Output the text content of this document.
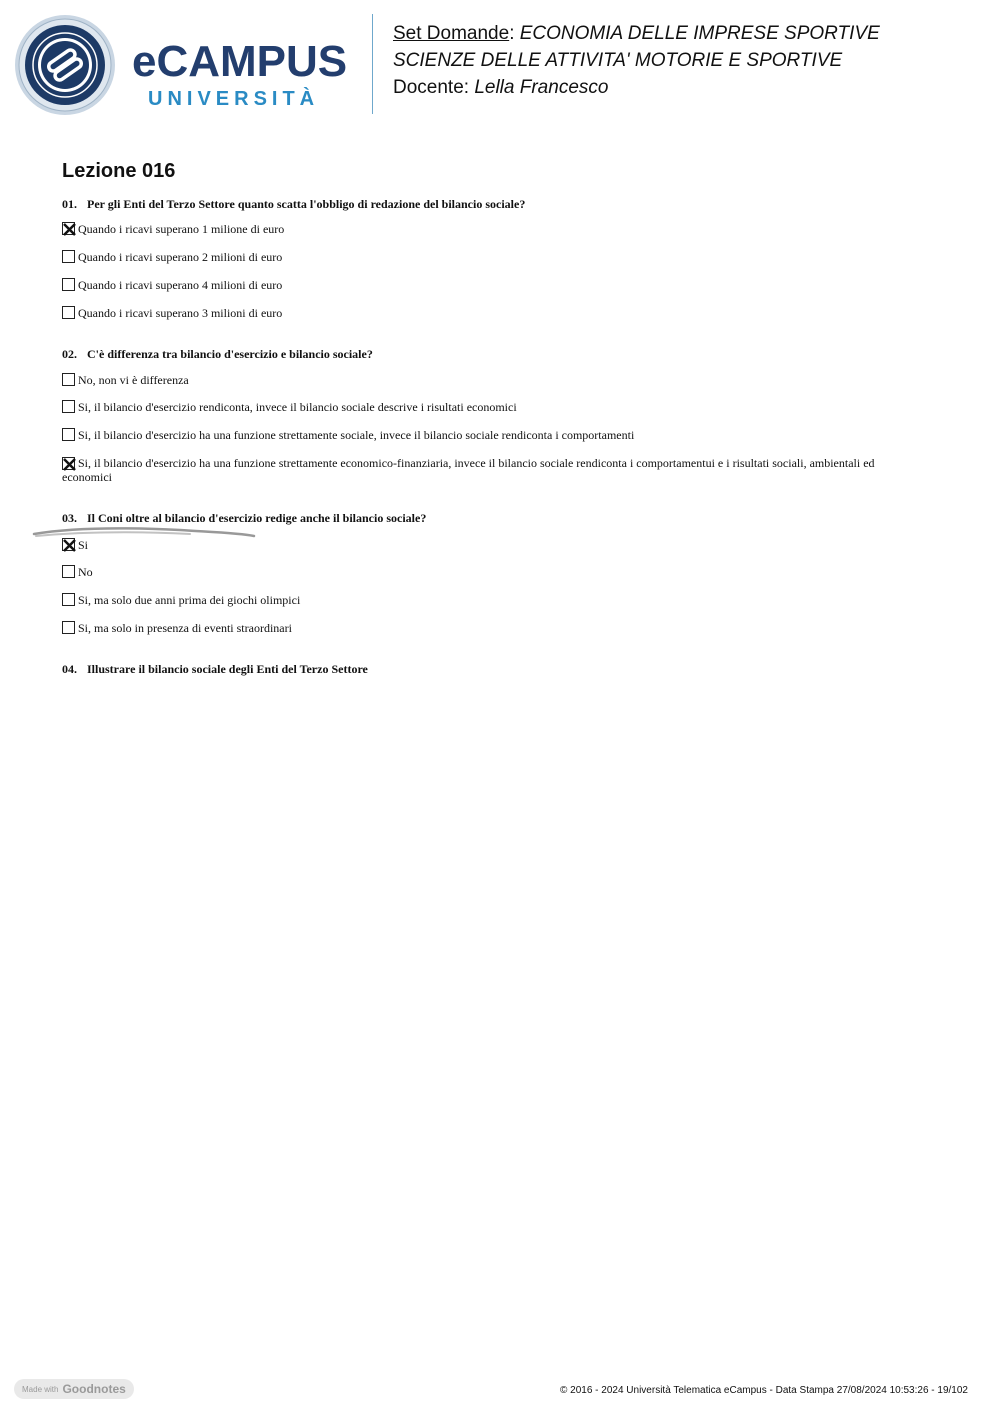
eCAMPUS
UNIVERSITÀ
Set Domande: ECONOMIA DELLE IMPRESE SPORTIVE
SCIENZE DELLE ATTIVITA' MOTORIE E SPORTIVE
Docente: Lella Francesco
Lezione 016
01. Per gli Enti del Terzo Settore quanto scatta l'obbligo di redazione del bilancio sociale?
Quando i ricavi superano 1 milione di euro
Quando i ricavi superano 2 milioni di euro
Quando i ricavi superano 4 milioni di euro
Quando i ricavi superano 3 milioni di euro
02. C'è differenza tra bilancio d'esercizio e bilancio sociale?
No, non vi è differenza
Si, il bilancio d'esercizio rendiconta, invece il bilancio sociale descrive i risultati economici
Si, il bilancio d'esercizio ha una funzione strettamente sociale, invece il bilancio sociale rendiconta i comportamenti
Si, il bilancio d'esercizio ha una funzione strettamente economico-finanziaria, invece il bilancio sociale rendiconta i comportamentui e i risultati sociali, ambientali ed economici
03. Il Coni oltre al bilancio d'esercizio redige anche il bilancio sociale?
Si
No
Si, ma solo due anni prima dei giochi olimpici
Si, ma solo in presenza di eventi straordinari
04. Illustrare il bilancio sociale degli Enti del Terzo Settore
Made with Goodnotes	© 2016 - 2024 Università Telematica eCampus - Data Stampa 27/08/2024 10:53:26 - 19/102
